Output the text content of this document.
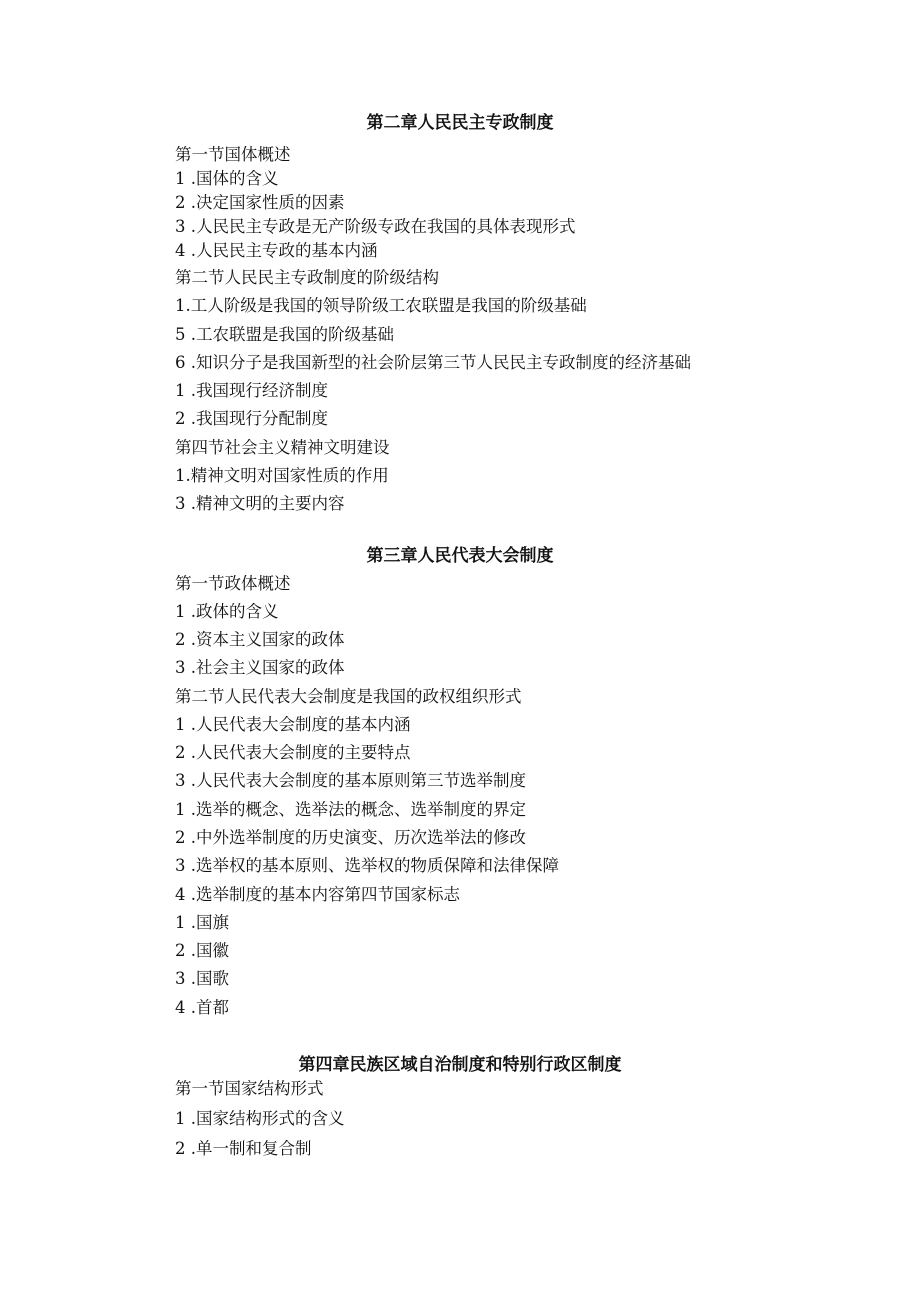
第二章人民民主专政制度

第一节国体概述

1 .国体的含义

2 .决定国家性质的因素

3 .人民民主专政是无产阶级专政在我国的具体表现形式

4 .人民民主专政的基本内涵

第二节人民民主专政制度的阶级结构

1.工人阶级是我国的领导阶级工农联盟是我国的阶级基础

5 .工农联盟是我国的阶级基础

6 .知识分子是我国新型的社会阶层第三节人民民主专政制度的经济基础

1 .我国现行经济制度

2 .我国现行分配制度

第四节社会主义精神文明建设

1.精神文明对国家性质的作用

3 .精神文明的主要内容

第三章人民代表大会制度

第一节政体概述

1 .政体的含义

2 .资本主义国家的政体

3 .社会主义国家的政体

第二节人民代表大会制度是我国的政权组织形式

1 .人民代表大会制度的基本内涵

2 .人民代表大会制度的主要特点

3 .人民代表大会制度的基本原则第三节选举制度

1 .选举的概念、选举法的概念、选举制度的界定

2 .中外选举制度的历史演变、历次选举法的修改

3 .选举权的基本原则、选举权的物质保障和法律保障

4 .选举制度的基本内容第四节国家标志

1 .国旗

2 .国徽

3 .国歌

4 .首都

第四章民族区域自治制度和特别行政区制度

第一节国家结构形式

1 .国家结构形式的含义

2 .单一制和复合制
